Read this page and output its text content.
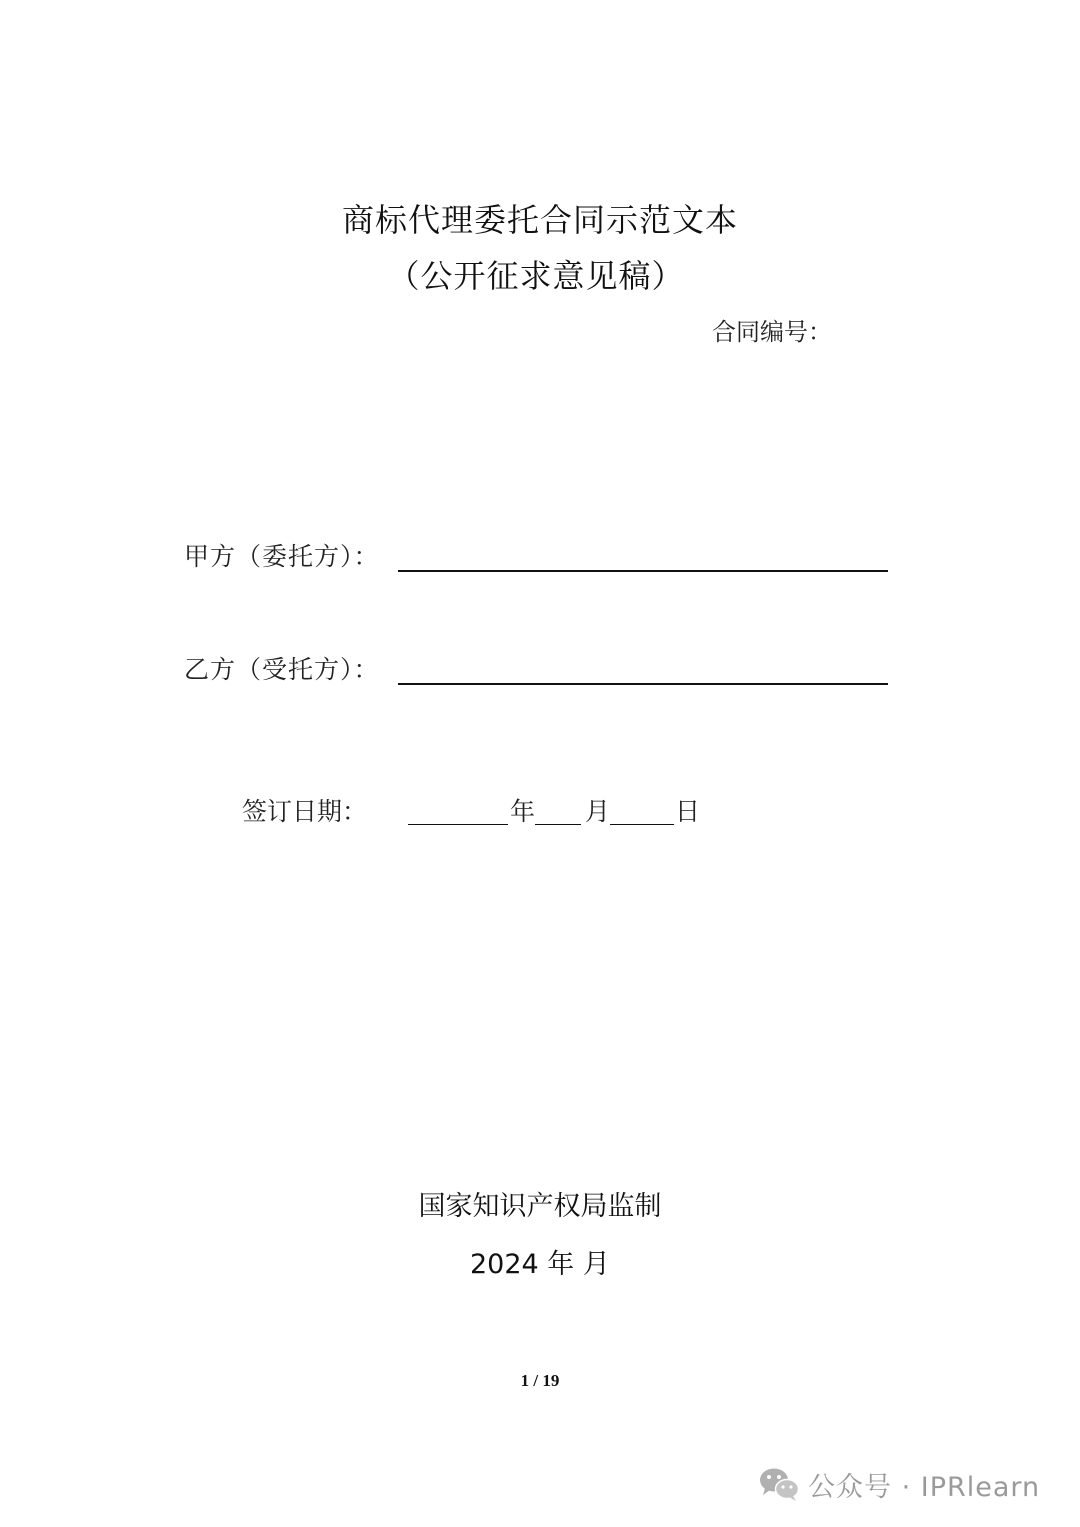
商标代理委托合同示范文本
（公开征求意见稿）
合同编号：
甲方（委托方）：
乙方（受托方）：
签订日期：	年 月	日
国家知识产权局监制
2024 年 月
1 / 19
公众号 · IPRlearn
